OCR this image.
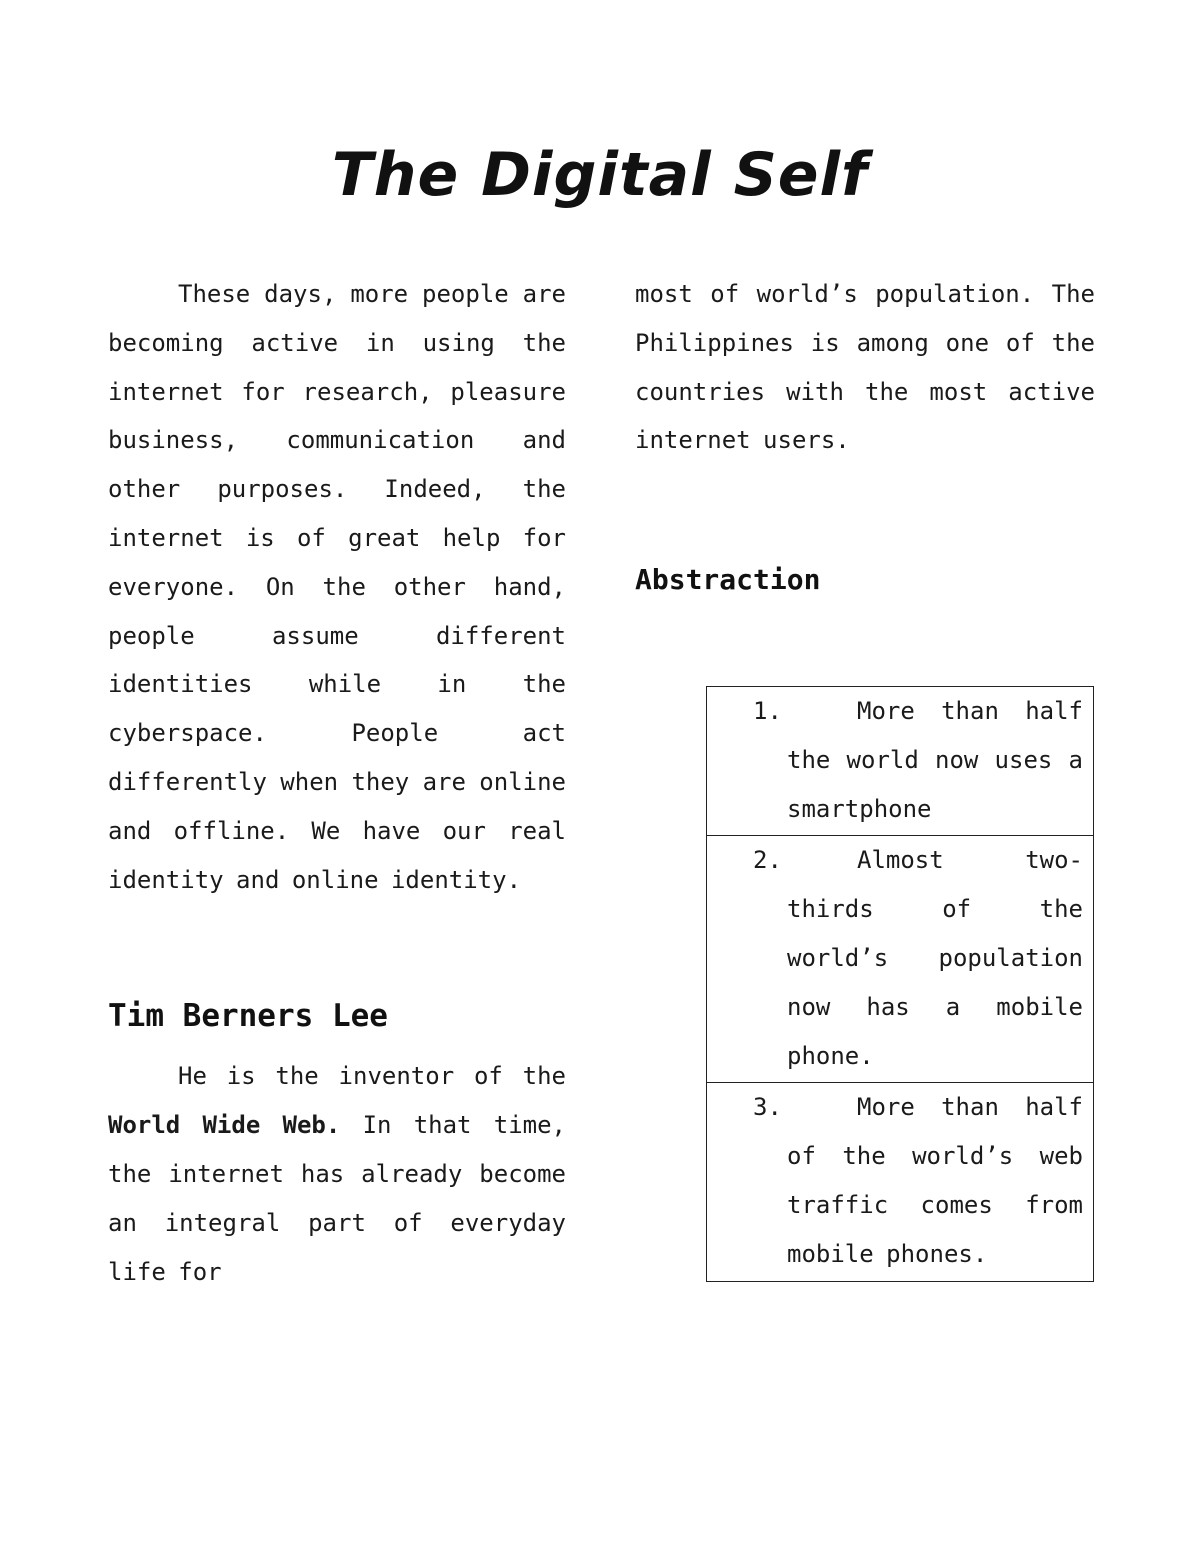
The Digital Self

These days, more people are becoming active in using the internet for research, pleasure business, communication and other purposes. Indeed, the internet is of great help for everyone. On the other hand, people assume different identities while in the cyberspace. People act differently when they are online and offline. We have our real identity and online identity.

Tim Berners Lee

He is the inventor of the World Wide Web. In that time, the internet has already become an integral part of everyday life for

most of world’s population. The Philippines is among one of the countries with the most active internet users.

Abstraction
1.	More than half the world now uses a smartphone
2.	Almost two-thirds of the world’s population now has a mobile phone.
3.	More than half of the world’s web traffic comes from mobile phones.
